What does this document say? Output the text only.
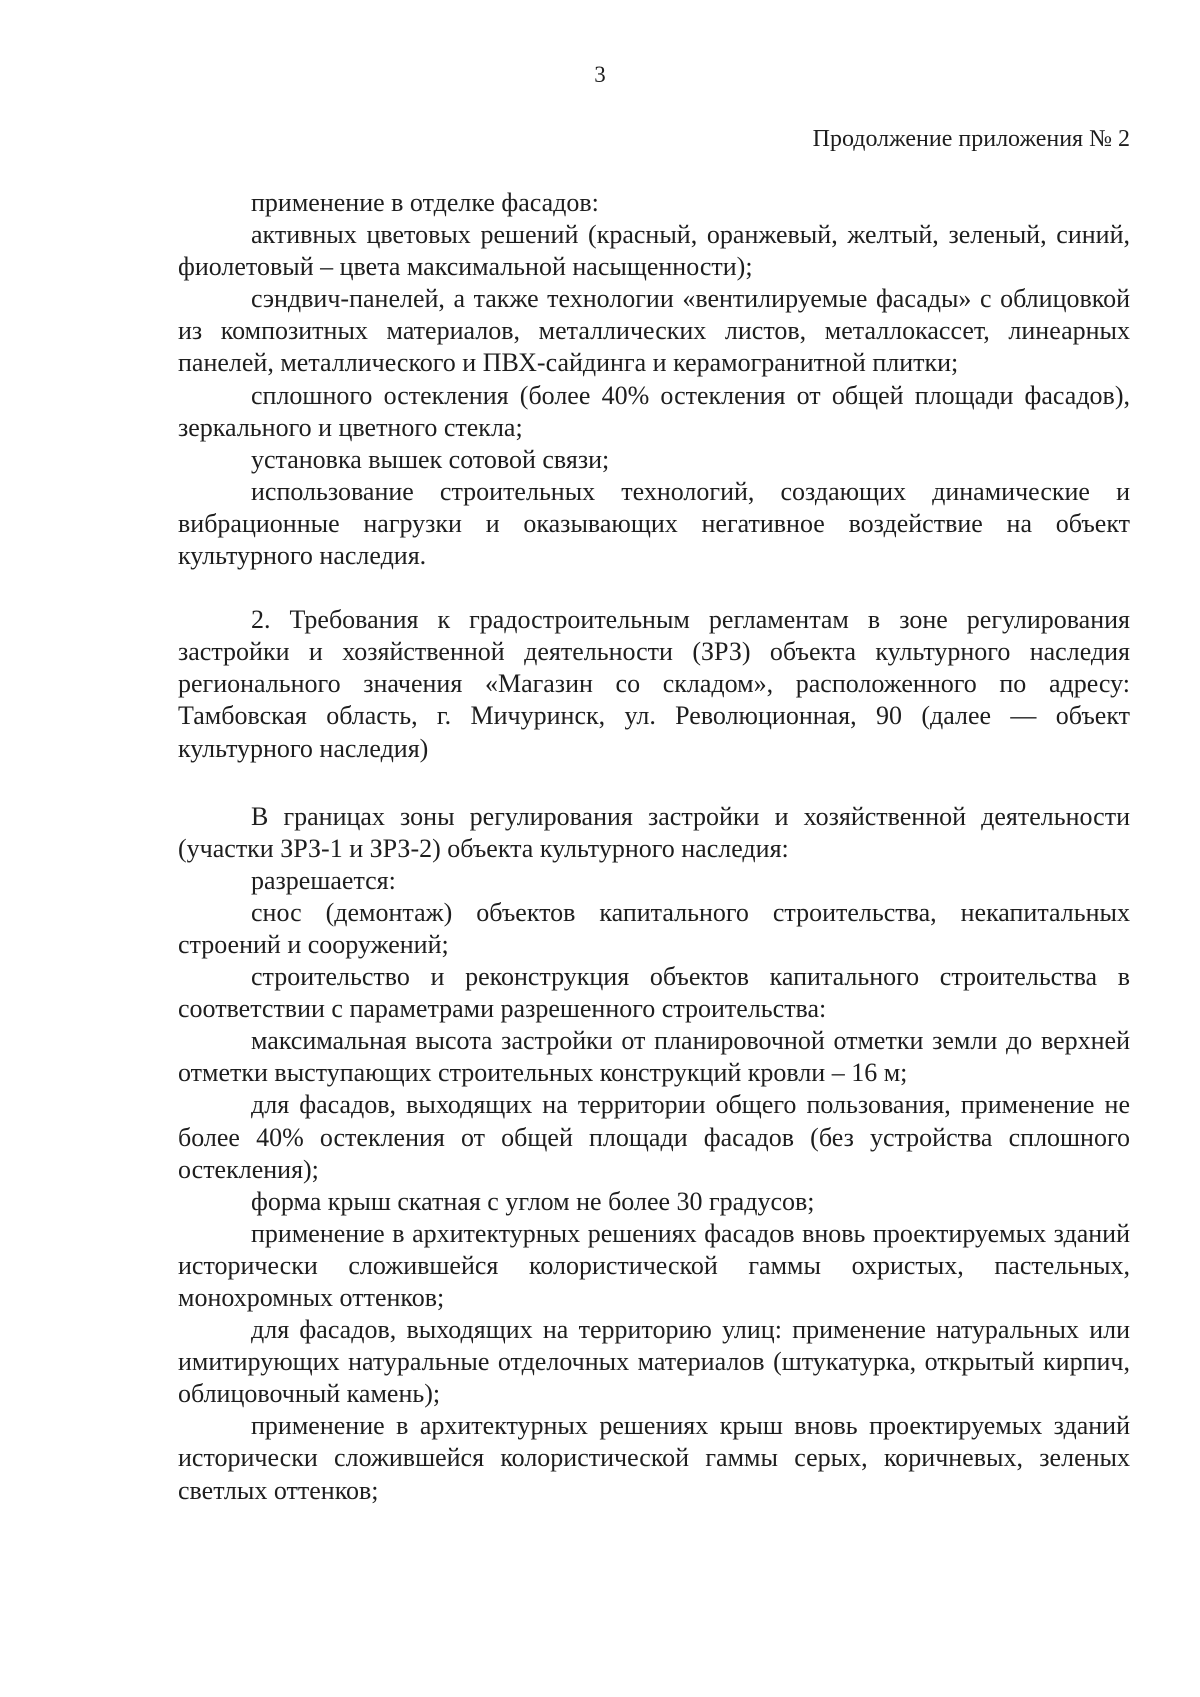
3
Продолжение приложения № 2

применение в отделке фасадов:

активных цветовых решений (красный, оранжевый, желтый, зеленый, синий, фиолетовый – цвета максимальной насыщенности);

сэндвич-панелей, а также технологии «вентилируемые фасады» с облицовкой из композитных материалов, металлических листов, металлокассет, линеарных панелей, металлического и ПВХ-сайдинга и керамогранитной плитки;

сплошного остекления (более 40% остекления от общей площади фасадов), зеркального и цветного стекла;

установка вышек сотовой связи;

использование строительных технологий, создающих динамические и вибрационные нагрузки и оказывающих негативное воздействие на объект культурного наследия.

2. Требования к градостроительным регламентам в зоне регулирования застройки и хозяйственной деятельности (ЗРЗ) объекта культурного наследия регионального значения «Магазин со складом», расположенного по адресу: Тамбовская область, г. Мичуринск, ул. Революционная, 90 (далее — объект культурного наследия)

В границах зоны регулирования застройки и хозяйственной деятельности (участки ЗРЗ-1 и ЗРЗ-2) объекта культурного наследия:

разрешается:

снос (демонтаж) объектов капитального строительства, некапитальных строений и сооружений;

строительство и реконструкция объектов капитального строительства в соответствии с параметрами разрешенного строительства:

максимальная высота застройки от планировочной отметки земли до верхней отметки выступающих строительных конструкций кровли – 16 м;

для фасадов, выходящих на территории общего пользования, применение не более 40% остекления от общей площади фасадов (без устройства сплошного остекления);

форма крыш скатная с углом не более 30 градусов;

применение в архитектурных решениях фасадов вновь проектируемых зданий исторически сложившейся колористической гаммы охристых, пастельных, монохромных оттенков;

для фасадов, выходящих на территорию улиц: применение натуральных или имитирующих натуральные отделочных материалов (штукатурка, открытый кирпич, облицовочный камень);

применение в архитектурных решениях крыш вновь проектируемых зданий исторически сложившейся колористической гаммы серых, коричневых, зеленых светлых оттенков;
